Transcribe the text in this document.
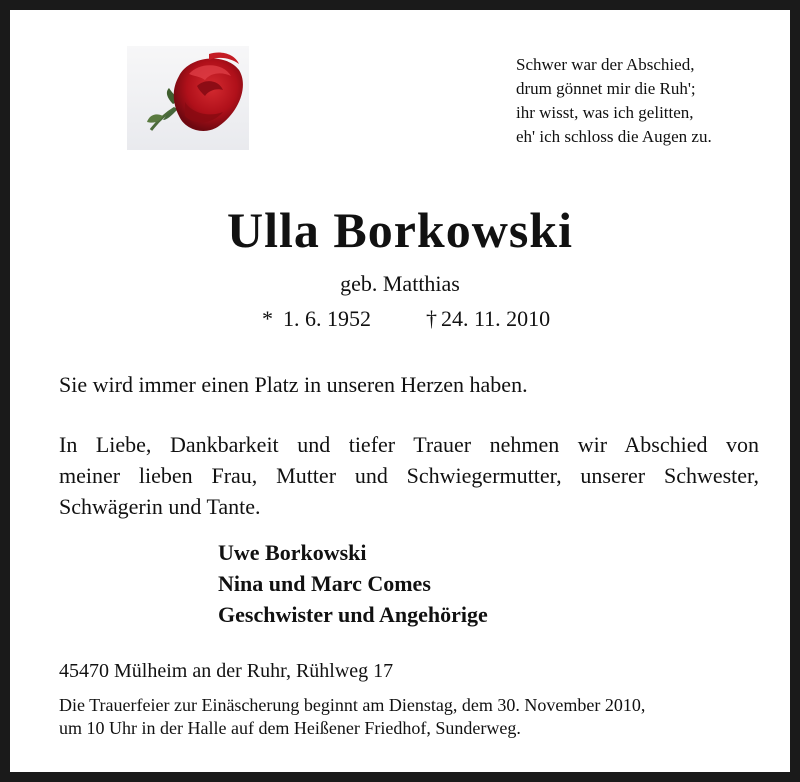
Schwer war der Abschied,
drum gönnet mir die Ruh';
ihr wisst, was ich gelitten,
eh' ich schloss die Augen zu.
Ulla Borkowski
geb. Matthias
* 1. 6. 1952	† 24. 11. 2010
Sie wird immer einen Platz in unseren Herzen haben.
In Liebe, Dankbarkeit und tiefer Trauer nehmen wir Abschied von
meiner lieben Frau, Mutter und Schwiegermutter, unserer Schwester,
Schwägerin und Tante.
Uwe Borkowski
Nina und Marc Comes
Geschwister und Angehörige
45470 Mülheim an der Ruhr, Rühlweg 17
Die Trauerfeier zur Einäscherung beginnt am Dienstag, dem 30. November 2010,
um 10 Uhr in der Halle auf dem Heißener Friedhof, Sunderweg.
